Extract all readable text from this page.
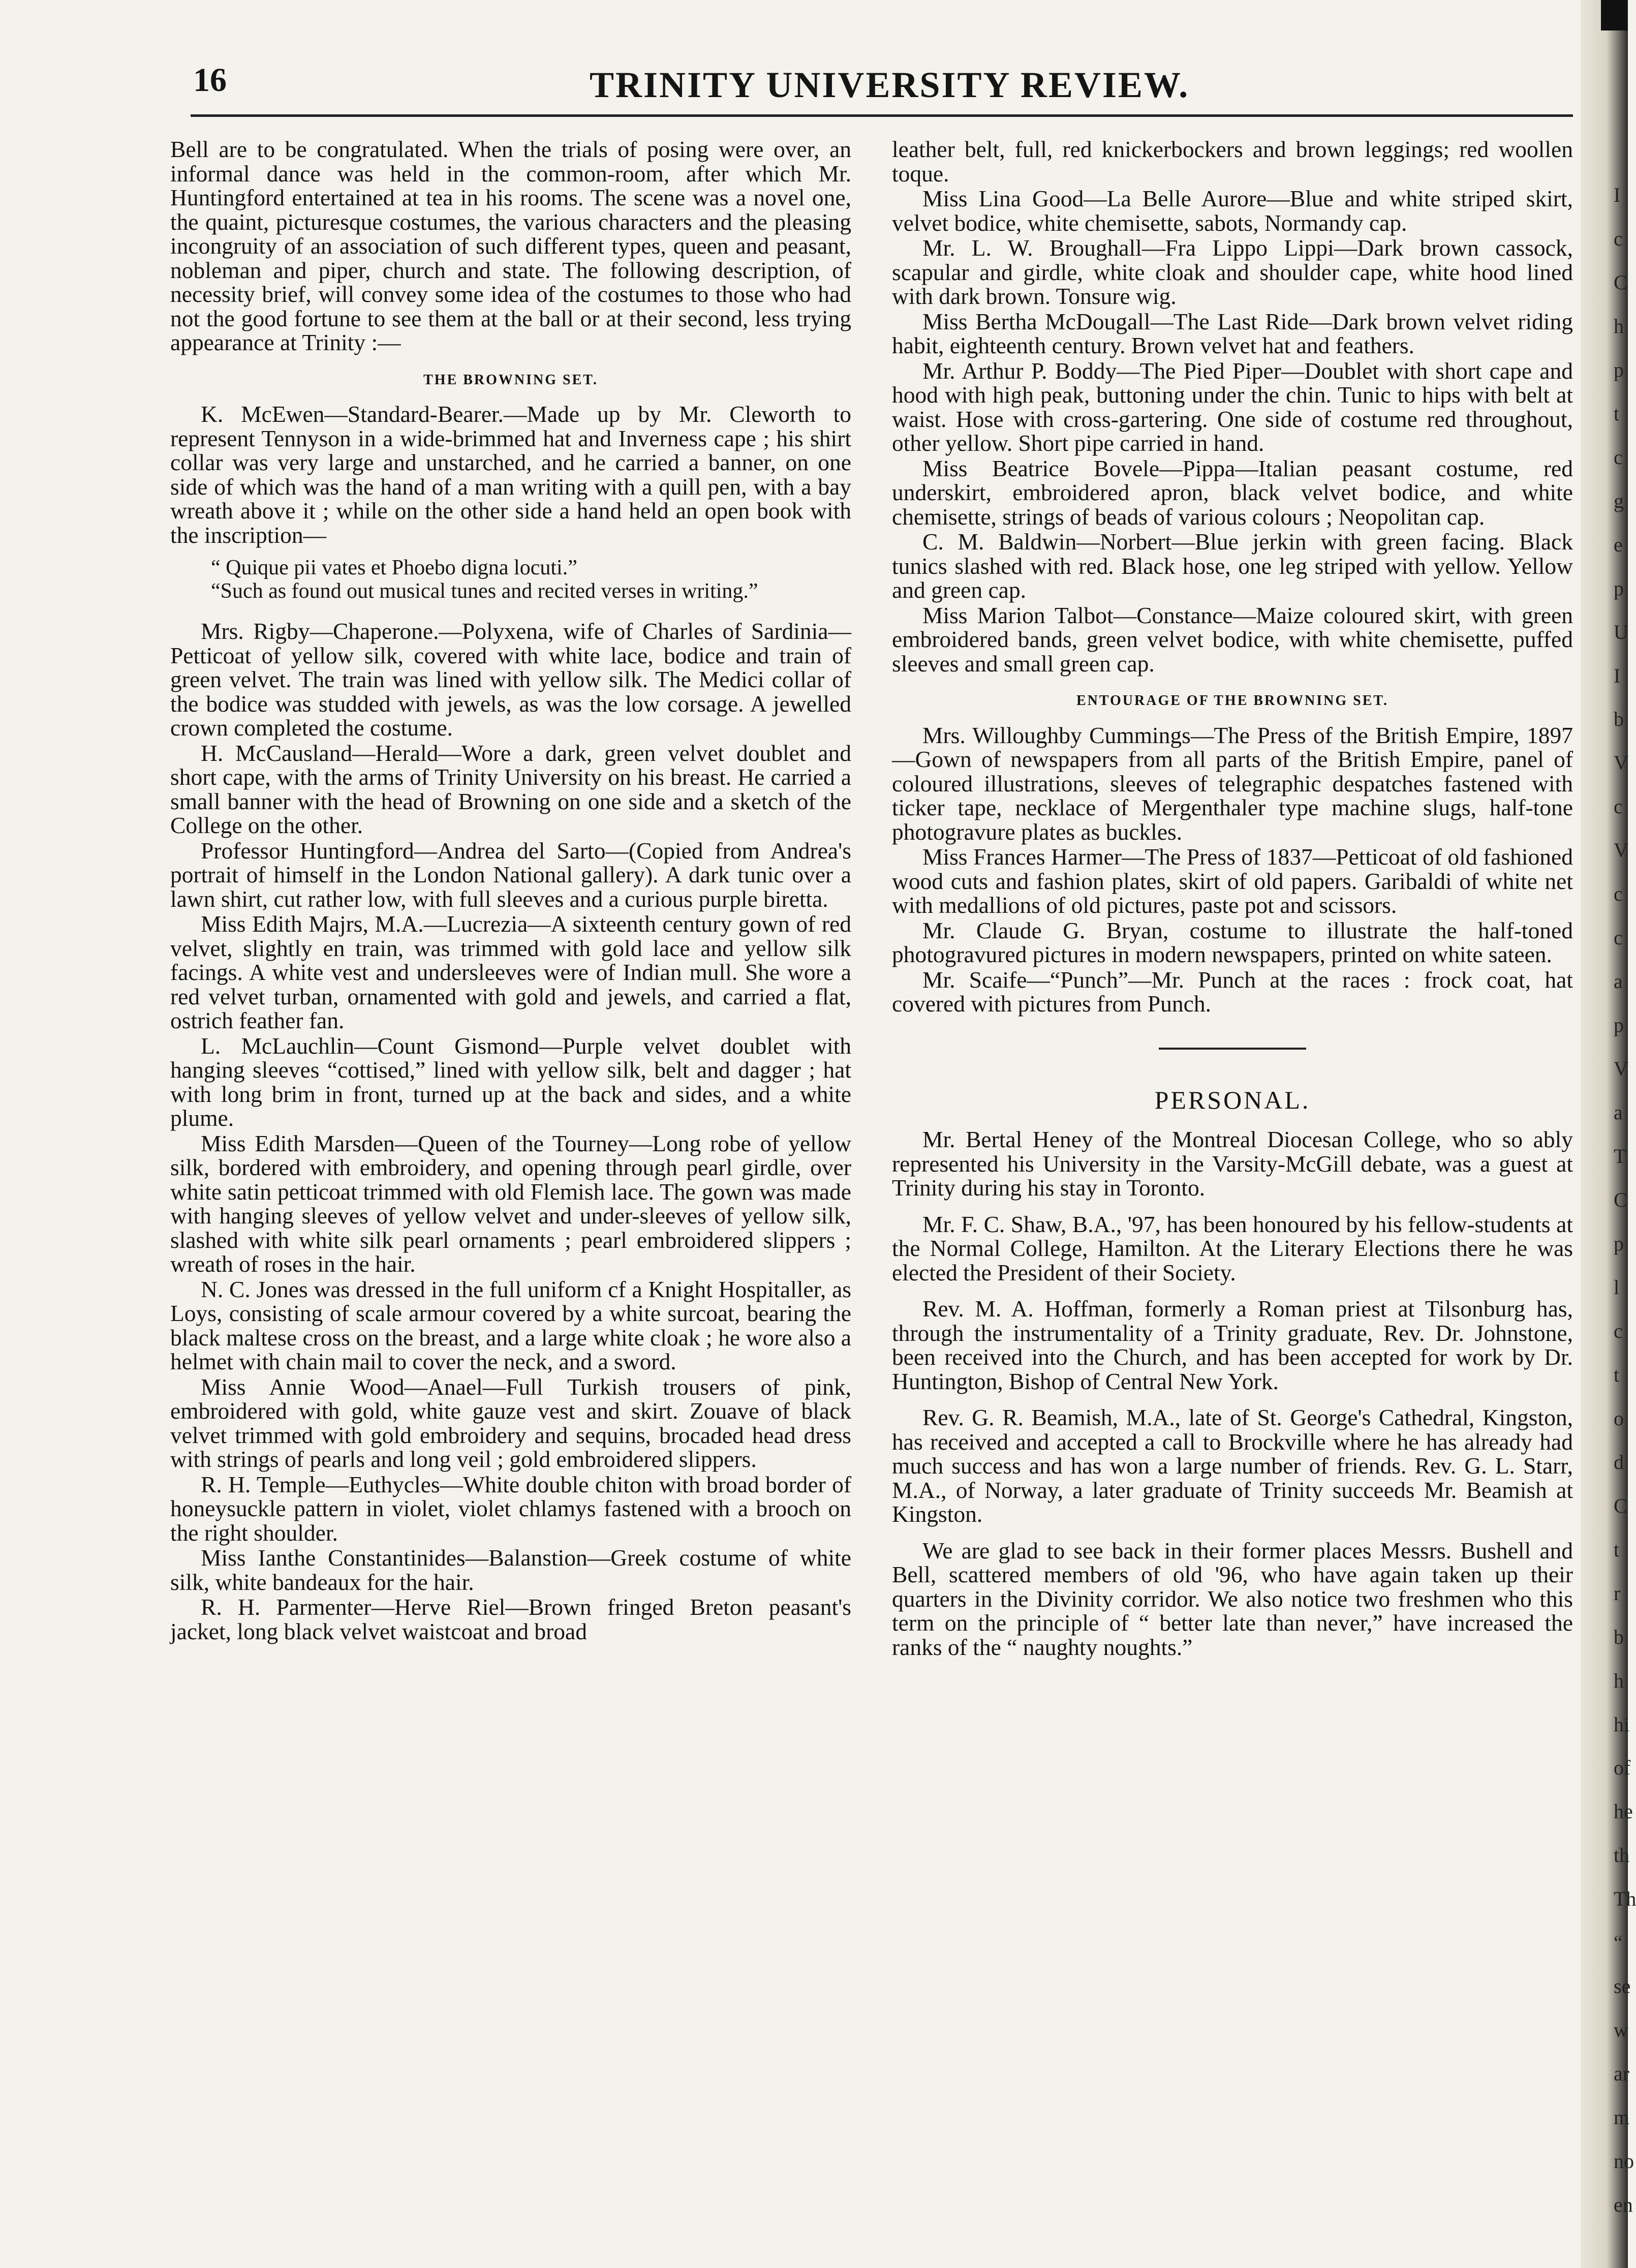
16	TRINITY UNIVERSITY REVIEW.

Bell are to be congratulated. When the trials of posing were over, an informal dance was held in the common-room, after which Mr. Huntingford entertained at tea in his rooms. The scene was a novel one, the quaint, picturesque costumes, the various characters and the pleasing incongruity of an association of such different types, queen and peasant, nobleman and piper, church and state. The following description, of necessity brief, will convey some idea of the costumes to those who had not the good fortune to see them at the ball or at their second, less trying appearance at Trinity :—

THE BROWNING SET.

K. McEwen—Standard-Bearer.—Made up by Mr. Cleworth to represent Tennyson in a wide-brimmed hat and Inverness cape ; his shirt collar was very large and unstarched, and he carried a banner, on one side of which was the hand of a man writing with a quill pen, with a bay wreath above it ; while on the other side a hand held an open book with the inscription—

“ Quique pii vates et Phoebo digna locuti.”
“Such as found out musical tunes and recited verses in writing.”

Mrs. Rigby—Chaperone.—Polyxena, wife of Charles of Sardinia—Petticoat of yellow silk, covered with white lace, bodice and train of green velvet. The train was lined with yellow silk. The Medici collar of the bodice was studded with jewels, as was the low corsage. A jewelled crown completed the costume.

H. McCausland—Herald—Wore a dark, green velvet doublet and short cape, with the arms of Trinity University on his breast. He carried a small banner with the head of Browning on one side and a sketch of the College on the other.

Professor Huntingford—Andrea del Sarto—(Copied from Andrea's portrait of himself in the London National gallery). A dark tunic over a lawn shirt, cut rather low, with full sleeves and a curious purple biretta.

Miss Edith Majrs, M.A.—Lucrezia—A sixteenth century gown of red velvet, slightly en train, was trimmed with gold lace and yellow silk facings. A white vest and undersleeves were of Indian mull. She wore a red velvet turban, ornamented with gold and jewels, and carried a flat, ostrich feather fan.

L. McLauchlin—Count Gismond—Purple velvet doublet with hanging sleeves “cottised,” lined with yellow silk, belt and dagger ; hat with long brim in front, turned up at the back and sides, and a white plume.

Miss Edith Marsden—Queen of the Tourney—Long robe of yellow silk, bordered with embroidery, and opening through pearl girdle, over white satin petticoat trimmed with old Flemish lace. The gown was made with hanging sleeves of yellow velvet and under-sleeves of yellow silk, slashed with white silk pearl ornaments ; pearl embroidered slippers ; wreath of roses in the hair.

N. C. Jones was dressed in the full uniform cf a Knight Hospitaller, as Loys, consisting of scale armour covered by a white surcoat, bearing the black maltese cross on the breast, and a large white cloak ; he wore also a helmet with chain mail to cover the neck, and a sword.

Miss Annie Wood—Anael—Full Turkish trousers of pink, embroidered with gold, white gauze vest and skirt. Zouave of black velvet trimmed with gold embroidery and sequins, brocaded head dress with strings of pearls and long veil ; gold embroidered slippers.

R. H. Temple—Euthycles—White double chiton with broad border of honeysuckle pattern in violet, violet chlamys fastened with a brooch on the right shoulder.

Miss Ianthe Constantinides—Balanstion—Greek costume of white silk, white bandeaux for the hair.

R. H. Parmenter—Herve Riel—Brown fringed Breton peasant's jacket, long black velvet waistcoat and broad

leather belt, full, red knickerbockers and brown leggings; red woollen toque.

Miss Lina Good—La Belle Aurore—Blue and white striped skirt, velvet bodice, white chemisette, sabots, Normandy cap.

Mr. L. W. Broughall—Fra Lippo Lippi—Dark brown cassock, scapular and girdle, white cloak and shoulder cape, white hood lined with dark brown. Tonsure wig.

Miss Bertha McDougall—The Last Ride—Dark brown velvet riding habit, eighteenth century. Brown velvet hat and feathers.

Mr. Arthur P. Boddy—The Pied Piper—Doublet with short cape and hood with high peak, buttoning under the chin. Tunic to hips with belt at waist. Hose with cross-gartering. One side of costume red throughout, other yellow. Short pipe carried in hand.

Miss Beatrice Bovele—Pippa—Italian peasant costume, red underskirt, embroidered apron, black velvet bodice, and white chemisette, strings of beads of various colours ; Neopolitan cap.

C. M. Baldwin—Norbert—Blue jerkin with green facing. Black tunics slashed with red. Black hose, one leg striped with yellow. Yellow and green cap.

Miss Marion Talbot—Constance—Maize coloured skirt, with green embroidered bands, green velvet bodice, with white chemisette, puffed sleeves and small green cap.

ENTOURAGE OF THE BROWNING SET.

Mrs. Willoughby Cummings—The Press of the British Empire, 1897—Gown of newspapers from all parts of the British Empire, panel of coloured illustrations, sleeves of telegraphic despatches fastened with ticker tape, necklace of Mergenthaler type machine slugs, half-tone photogravure plates as buckles.

Miss Frances Harmer—The Press of 1837—Petticoat of old fashioned wood cuts and fashion plates, skirt of old papers. Garibaldi of white net with medallions of old pictures, paste pot and scissors.

Mr. Claude G. Bryan, costume to illustrate the half-toned photogravured pictures in modern newspapers, printed on white sateen.

Mr. Scaife—“Punch”—Mr. Punch at the races : frock coat, hat covered with pictures from Punch.

PERSONAL.

Mr. Bertal Heney of the Montreal Diocesan College, who so ably represented his University in the Varsity-McGill debate, was a guest at Trinity during his stay in Toronto.

Mr. F. C. Shaw, B.A., '97, has been honoured by his fellow-students at the Normal College, Hamilton. At the Literary Elections there he was elected the President of their Society.

Rev. M. A. Hoffman, formerly a Roman priest at Tilsonburg has, through the instrumentality of a Trinity graduate, Rev. Dr. Johnstone, been received into the Church, and has been accepted for work by Dr. Huntington, Bishop of Central New York.

Rev. G. R. Beamish, M.A., late of St. George's Cathedral, Kingston, has received and accepted a call to Brockville where he has already had much success and has won a large number of friends. Rev. G. L. Starr, M.A., of Norway, a later graduate of Trinity succeeds Mr. Beamish at Kingston.

We are glad to see back in their former places Messrs. Bushell and Bell, scattered members of old '96, who have again taken up their quarters in the Divinity corridor. We also notice two freshmen who this term on the principle of “ better late than never,” have increased the ranks of the “ naughty noughts.”

I
c
C
h
p
t
c
g
e
p
U
I
b
V
c
V
c
c
a
p
V
a
T
C
p
l
c
t
o
d
C
t
r
b
h
hi
of
he
th
Th
“
se
w
ar
m
no
en
